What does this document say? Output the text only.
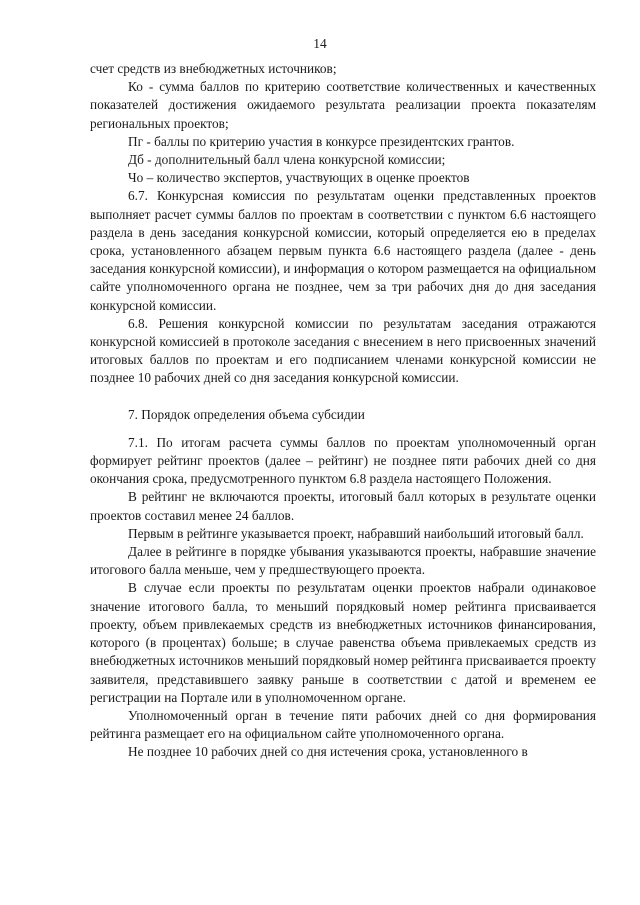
14

счет средств из внебюджетных источников;

Ко - сумма баллов по критерию соответствие количественных и качественных показателей достижения ожидаемого результата реализации проекта показателям региональных проектов;

Пг - баллы по критерию участия в конкурсе президентских грантов.

Дб - дополнительный балл члена конкурсной комиссии;

Чо – количество экспертов, участвующих в оценке проектов

6.7. Конкурсная комиссия по результатам оценки представленных проектов выполняет расчет суммы баллов по проектам в соответствии с пунктом 6.6 настоящего раздела в день заседания конкурсной комиссии, который определяется ею в пределах срока, установленного абзацем первым пункта 6.6 настоящего раздела (далее - день заседания конкурсной комиссии), и информация о котором размещается на официальном сайте уполномоченного органа не позднее, чем за три рабочих дня до дня заседания конкурсной комиссии.

6.8. Решения конкурсной комиссии по результатам заседания отражаются конкурсной комиссией в протоколе заседания с внесением в него присвоенных значений итоговых баллов по проектам и его подписанием членами конкурсной комиссии не позднее 10 рабочих дней со дня заседания конкурсной комиссии.

7. Порядок определения объема субсидии

7.1. По итогам расчета суммы баллов по проектам уполномоченный орган формирует рейтинг проектов (далее – рейтинг) не позднее пяти рабочих дней со дня окончания срока, предусмотренного пунктом 6.8 раздела настоящего Положения.

В рейтинг не включаются проекты, итоговый балл которых в результате оценки проектов составил менее 24 баллов.

Первым в рейтинге указывается проект, набравший наибольший итоговый балл.

Далее в рейтинге в порядке убывания указываются проекты, набравшие значение итогового балла меньше, чем у предшествующего проекта.

В случае если проекты по результатам оценки проектов набрали одинаковое значение итогового балла, то меньший порядковый номер рейтинга присваивается проекту, объем привлекаемых средств из внебюджетных источников финансирования, которого (в процентах) больше; в случае равенства объема привлекаемых средств из внебюджетных источников меньший порядковый номер рейтинга присваивается проекту заявителя, представившего заявку раньше в соответствии с датой и временем ее регистрации на Портале или в уполномоченном органе.

Уполномоченный орган в течение пяти рабочих дней со дня формирования рейтинга размещает его на официальном сайте уполномоченного органа.

Не позднее 10 рабочих дней со дня истечения срока, установленного в
